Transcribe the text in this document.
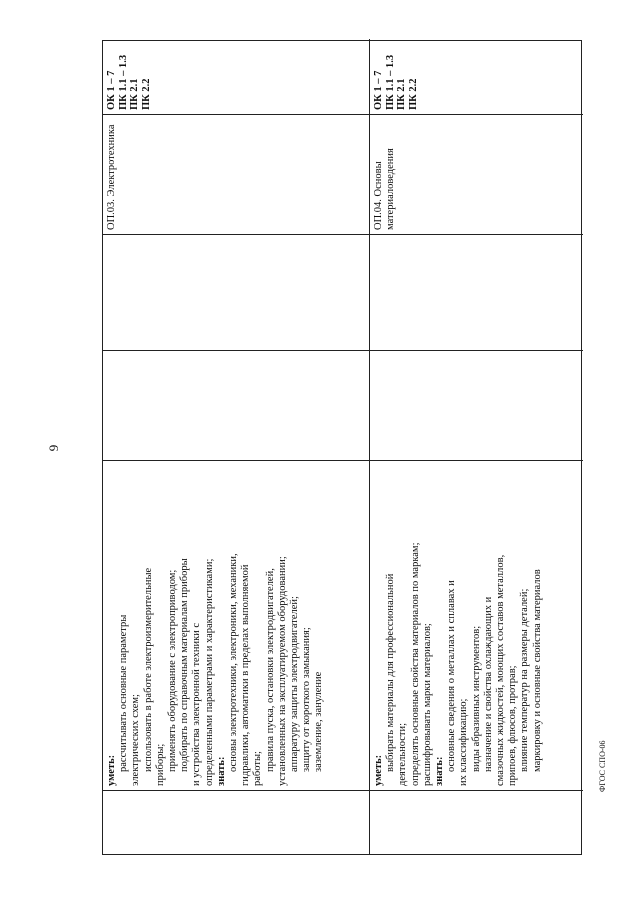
9
уметь: рассчитывать основные параметры электрических схем; использовать в работе электроизмерительные приборы; применять оборудование с электроприводом; подбирать по справочным материалам приборы и устройства электронной техники с определенными параметрами и характеристиками; знать: основы электротехники, электроники, механики, гидравлики, автоматики в пределах выполняемой работы; правила пуска, остановки электродвигателей, установленных на эксплуатируемом оборудовании; аппаратуру защиты электродвигателей; защиту от короткого замыкания; заземление, зануление
ОП.03. Электротехника
ОК 1 – 7 ПК 1.1 – 1.3 ПК 2.1 ПК 2.2
уметь: выбирать материалы для профессиональной деятельности; определять основные свойства материалов по маркам; расшифровывать марки материалов; знать: основные сведения о металлах и сплавах и их классификацию; виды абразивных инструментов; назначение и свойства охлаждающих и смазочных жидкостей, моющих составов металлов, припоев, флюсов, протрав; влияние температур на размеры деталей; маркировку и основные свойства материалов
ОП.04. Основы материаловедения
ОК 1 – 7 ПК 1.1 – 1.3 ПК 2.1 ПК 2.2
ФГОС СПО-06
